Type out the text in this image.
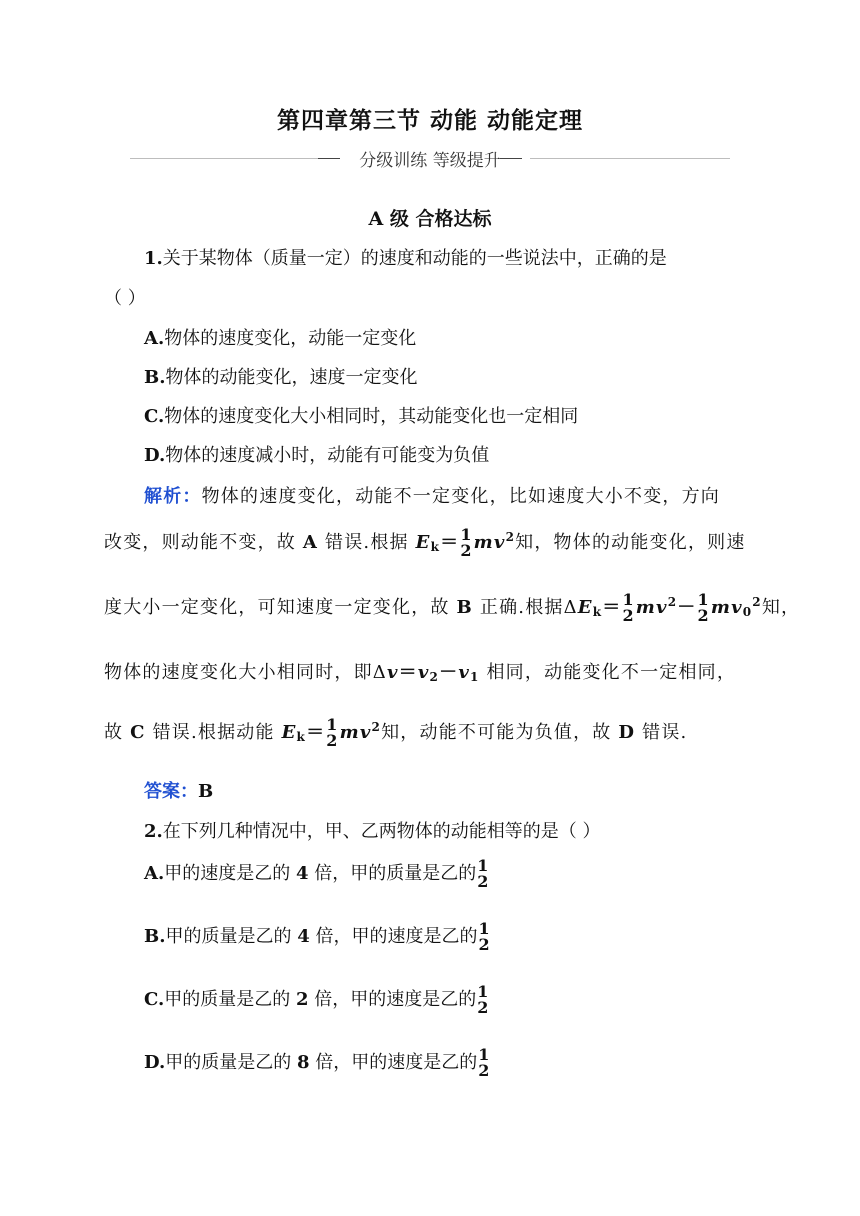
第四章第三节 动能 动能定理
分级训练 等级提升
A 级 合格达标
1.关于某物体（质量一定）的速度和动能的一些说法中，正确的是
（ ）
A.物体的速度变化，动能一定变化
B.物体的动能变化，速度一定变化
C.物体的速度变化大小相同时，其动能变化也一定相同
D.物体的速度减小时，动能有可能变为负值
解析：物体的速度变化，动能不一定变化，比如速度大小不变，方向
改变，则动能不变，故 A 错误.根据 $E_k= 1$
2 $mv^2$知，物体的动能变化，则速
度大小一定变化，可知速度一定变化，故 B 正确.根据$\Delta E_k= 1$
2 $mv^2- 1$
2 $mv_0^2$知，
物体的速度变化大小相同时，即$\Delta v=v_2-v_1$ 相同，动能变化不一定相同，
故 C 错误.根据动能 $E_k= 1$
2 $mv^2$知，动能不可能为负值，故 D 错误.
答案：B
2.在下列几种情况中，甲、乙两物体的动能相等的是（ ）
A.甲的速度是乙的 4 倍，甲的质量是乙的 1
2
B.甲的质量是乙的 4 倍，甲的速度是乙的 1
2
C.甲的质量是乙的 2 倍，甲的速度是乙的 1
2
D.甲的质量是乙的 8 倍，甲的速度是乙的 1
2
